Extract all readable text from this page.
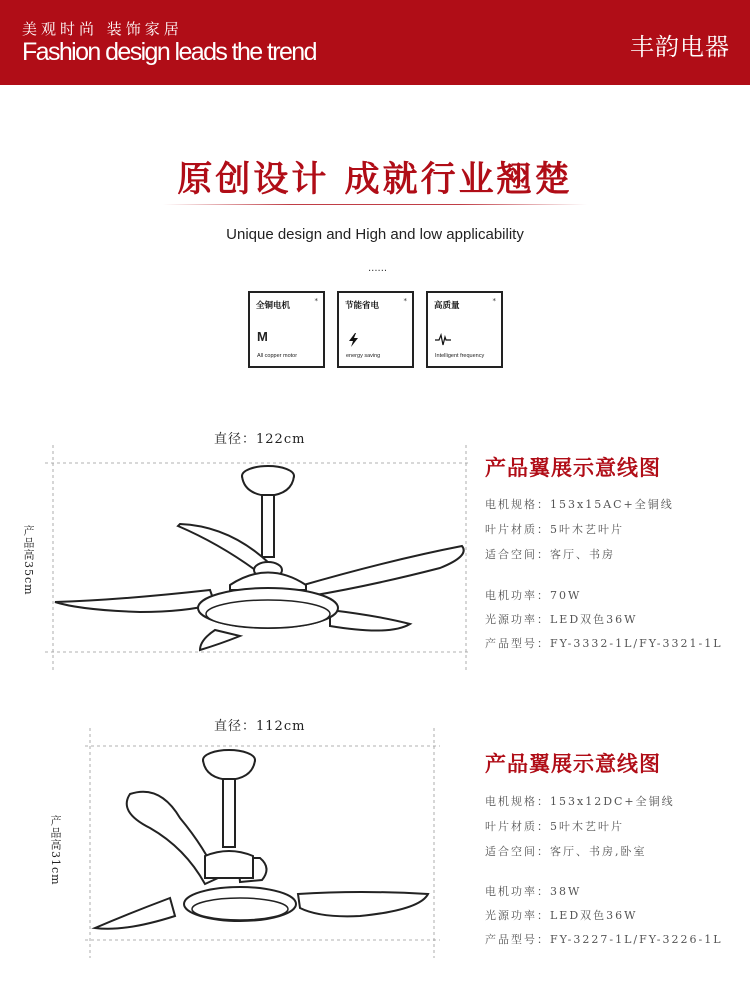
美观时尚 装饰家居
Fashion design leads the trend	丰韵电器
原创设计 成就行业翘楚
Unique design and High and low applicability
......
全铜电机	*
M
All copper motor
节能省电	*
energy saving
高质量	*
Intelligent frequency
直径：122cm
产品高35cm
产品翼展示意线图
电机规格：153x15AC+全铜线
叶片材质：5叶木艺叶片
适合空间：客厅、书房
电机功率：70W
光源功率：LED双色36W
产品型号：FY-3332-1L/FY-3321-1L
直径：112cm
产品高31cm
产品翼展示意线图
电机规格：153x12DC+全铜线
叶片材质：5叶木艺叶片
适合空间：客厅、书房,卧室
电机功率：38W
光源功率：LED双色36W
产品型号：FY-3227-1L/FY-3226-1L
